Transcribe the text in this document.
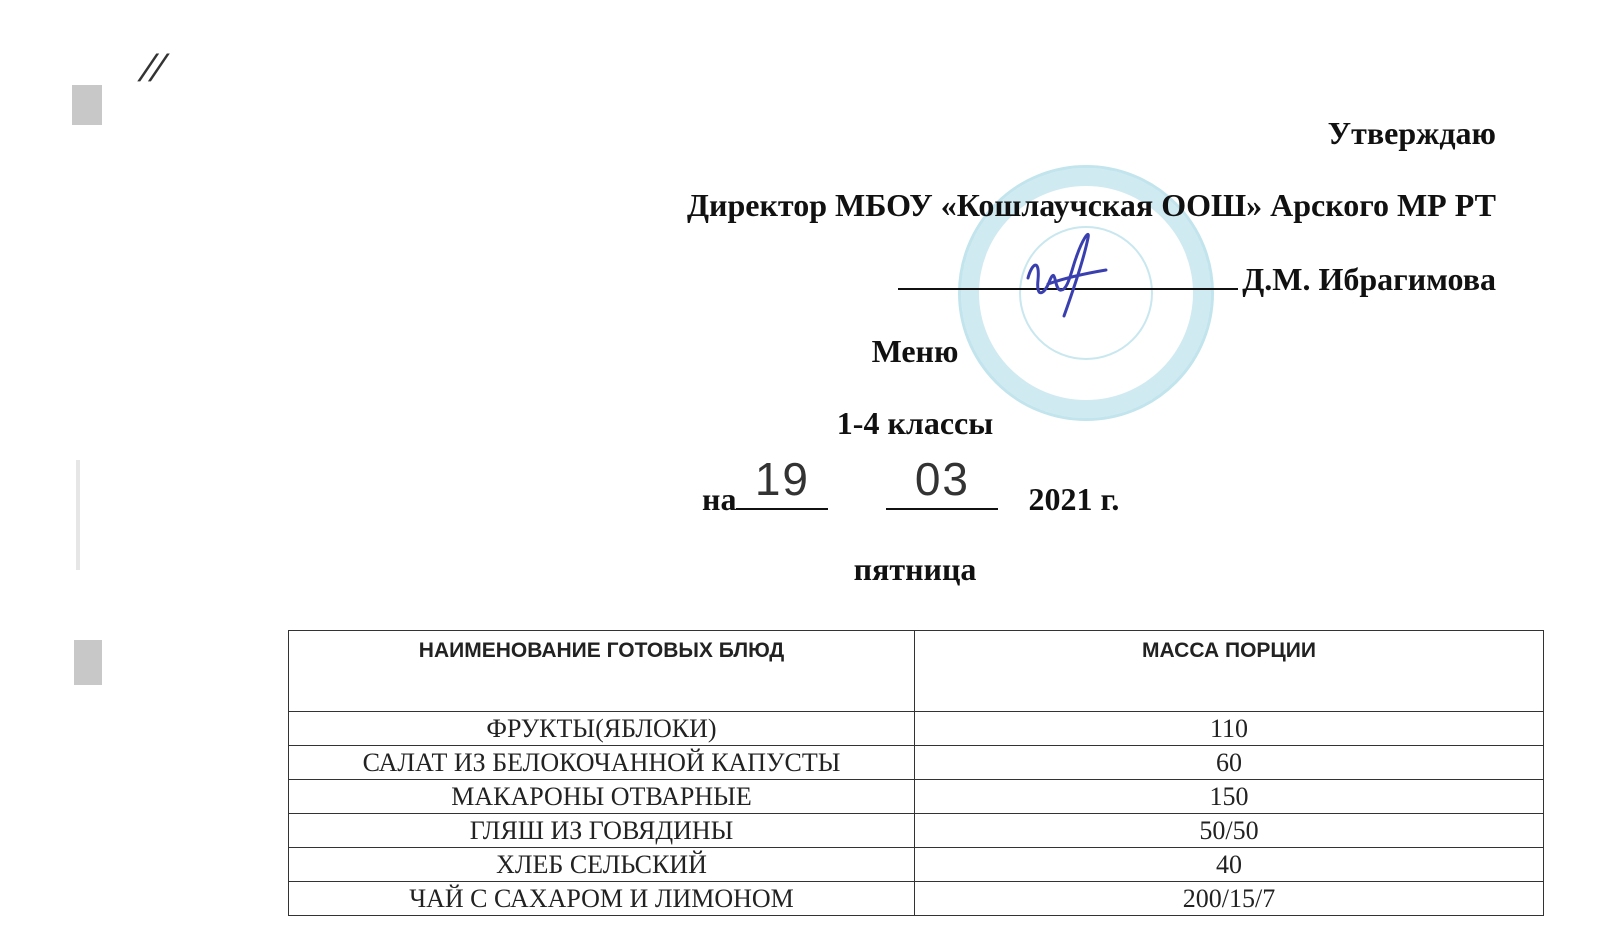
//
Утверждаю
Директор МБОУ «Кошлаучская ООШ» Арского МР РТ
Д.М. Ибрагимова
Меню
1-4 классы
на 19
	03	2021 г.
пятница
НАИМЕНОВАНИЕ ГОТОВЫХ БЛЮД	МАССА ПОРЦИИ
ФРУКТЫ(ЯБЛОКИ)	110
САЛАТ ИЗ БЕЛОКОЧАННОЙ КАПУСТЫ	60
МАКАРОНЫ ОТВАРНЫЕ	150
ГЛЯШ ИЗ ГОВЯДИНЫ	50/50
ХЛЕБ СЕЛЬСКИЙ	40
ЧАЙ С САХАРОМ И ЛИМОНОМ	200/15/7
